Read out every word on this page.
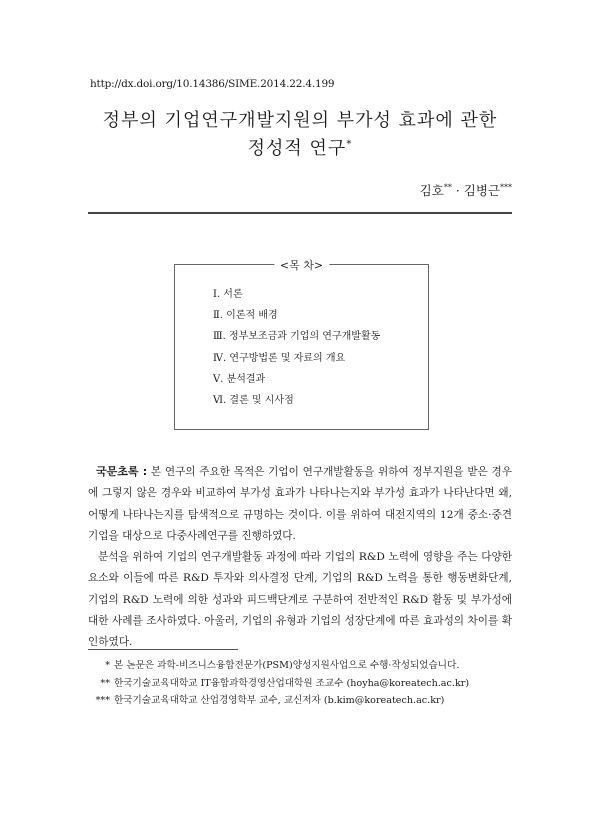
http://dx.doi.org/10.14386/SIME.2014.22.4.199
정부의 기업연구개발지원의 부가성 효과에 관한
정성적 연구*
김호** · 김병근***
<목 차>
Ⅰ. 서론
Ⅱ. 이론적 배경
Ⅲ. 정부보조금과 기업의 연구개발활동
Ⅳ. 연구방법론 및 자료의 개요
Ⅴ. 분석결과
Ⅵ. 결론 및 시사점

국문초록 : 본 연구의 주요한 목적은 기업이 연구개발활동을 위하여 정부지원을 받은 경우에 그렇지 않은 경우와 비교하여 부가성 효과가 나타나는지와 부가성 효과가 나타난다면 왜, 어떻게 나타나는지를 탐색적으로 규명하는 것이다. 이를 위하여 대전지역의 12개 중소·중견기업을 대상으로 다중사례연구를 진행하였다.

분석을 위하여 기업의 연구개발활동 과정에 따라 기업의 R&D 노력에 영향을 주는 다양한 요소와 이들에 따른 R&D 투자와 의사결정 단계, 기업의 R&D 노력을 통한 행동변화단계, 기업의 R&D 노력에 의한 성과와 피드백단계로 구분하여 전반적인 R&D 활동 및 부가성에 대한 사례를 조사하였다. 아울러, 기업의 유형과 기업의 성장단계에 따른 효과성의 차이를 확인하였다.

* 본 논문은 과학-비즈니스융합전문가(PSM)양성지원사업으로 수행·작성되었습니다.
** 한국기술교육대학교 IT융합과학경영산업대학원 조교수 (hoyha@koreatech.ac.kr)
*** 한국기술교육대학교 산업경영학부 교수, 교신저자 (b.kim@koreatech.ac.kr)
